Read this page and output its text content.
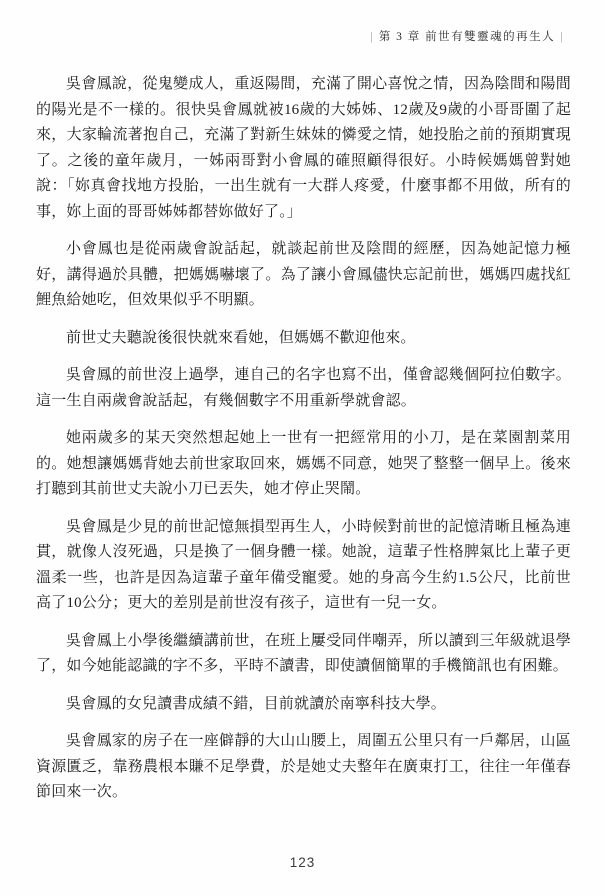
| 第 3 章 前世有雙靈魂的再生人 |

吳會鳳說，從鬼變成人，重返陽間，充滿了開心喜悅之情，因為陰間和陽間的陽光是不一樣的。很快吳會鳳就被16歲的大姊姊、12歲及9歲的小哥哥圍了起來，大家輪流著抱自己，充滿了對新生妹妹的憐愛之情，她投胎之前的預期實現了。之後的童年歲月，一姊兩哥對小會鳳的確照顧得很好。小時候媽媽曾對她說：「妳真會找地方投胎，一出生就有一大群人疼愛，什麼事都不用做，所有的事，妳上面的哥哥姊姊都替妳做好了。」

小會鳳也是從兩歲會說話起，就談起前世及陰間的經歷，因為她記憶力極好，講得過於具體，把媽媽嚇壞了。為了讓小會鳳儘快忘記前世，媽媽四處找紅鯉魚給她吃，但效果似乎不明顯。

前世丈夫聽說後很快就來看她，但媽媽不歡迎他來。

吳會鳳的前世沒上過學，連自己的名字也寫不出，僅會認幾個阿拉伯數字。這一生自兩歲會說話起，有幾個數字不用重新學就會認。

她兩歲多的某天突然想起她上一世有一把經常用的小刀，是在菜園割菜用的。她想讓媽媽背她去前世家取回來，媽媽不同意，她哭了整整一個早上。後來打聽到其前世丈夫說小刀已丟失，她才停止哭鬧。

吳會鳳是少見的前世記憶無損型再生人，小時候對前世的記憶清晰且極為連貫，就像人沒死過，只是換了一個身體一樣。她說，這輩子性格脾氣比上輩子更溫柔一些，也許是因為這輩子童年備受寵愛。她的身高今生約1.5公尺，比前世高了10公分；更大的差別是前世沒有孩子，這世有一兒一女。

吳會鳳上小學後繼續講前世，在班上屢受同伴嘲弄，所以讀到三年級就退學了，如今她能認識的字不多，平時不讀書，即使讀個簡單的手機簡訊也有困難。

吳會鳳的女兒讀書成績不錯，目前就讀於南寧科技大學。

吳會鳳家的房子在一座僻靜的大山山腰上，周圍五公里只有一戶鄰居，山區資源匱乏，靠務農根本賺不足學費，於是她丈夫整年在廣東打工，往往一年僅春節回來一次。

123
